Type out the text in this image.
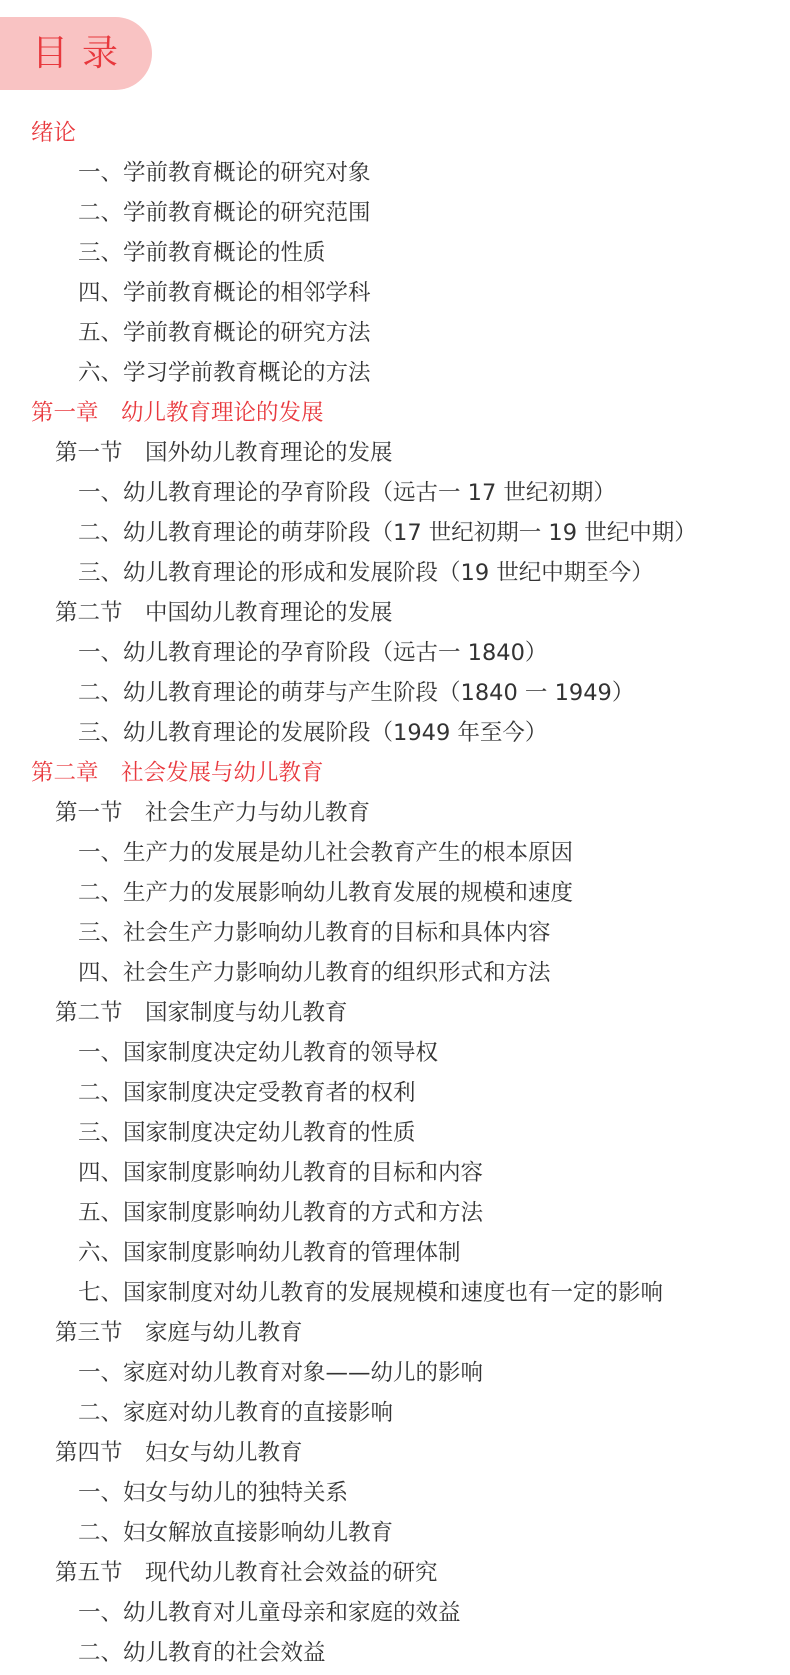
目录
绪论
一、学前教育概论的研究对象
二、学前教育概论的研究范围
三、学前教育概论的性质
四、学前教育概论的相邻学科
五、学前教育概论的研究方法
六、学习学前教育概论的方法
第一章　幼儿教育理论的发展
第一节　国外幼儿教育理论的发展
一、幼儿教育理论的孕育阶段（远古一 17 世纪初期）
二、幼儿教育理论的萌芽阶段（17 世纪初期一 19 世纪中期）
三、幼儿教育理论的形成和发展阶段（19 世纪中期至今）
第二节　中国幼儿教育理论的发展
一、幼儿教育理论的孕育阶段（远古一 1840）
二、幼儿教育理论的萌芽与产生阶段（1840 一 1949）
三、幼儿教育理论的发展阶段（1949 年至今）
第二章　社会发展与幼儿教育
第一节　社会生产力与幼儿教育
一、生产力的发展是幼儿社会教育产生的根本原因
二、生产力的发展影响幼儿教育发展的规模和速度
三、社会生产力影响幼儿教育的目标和具体内容
四、社会生产力影响幼儿教育的组织形式和方法
第二节　国家制度与幼儿教育
一、国家制度决定幼儿教育的领导权
二、国家制度决定受教育者的权利
三、国家制度决定幼儿教育的性质
四、国家制度影响幼儿教育的目标和内容
五、国家制度影响幼儿教育的方式和方法
六、国家制度影响幼儿教育的管理体制
七、国家制度对幼儿教育的发展规模和速度也有一定的影响
第三节　家庭与幼儿教育
一、家庭对幼儿教育对象——幼儿的影响
二、家庭对幼儿教育的直接影响
第四节　妇女与幼儿教育
一、妇女与幼儿的独特关系
二、妇女解放直接影响幼儿教育
第五节　现代幼儿教育社会效益的研究
一、幼儿教育对儿童母亲和家庭的效益
二、幼儿教育的社会效益
